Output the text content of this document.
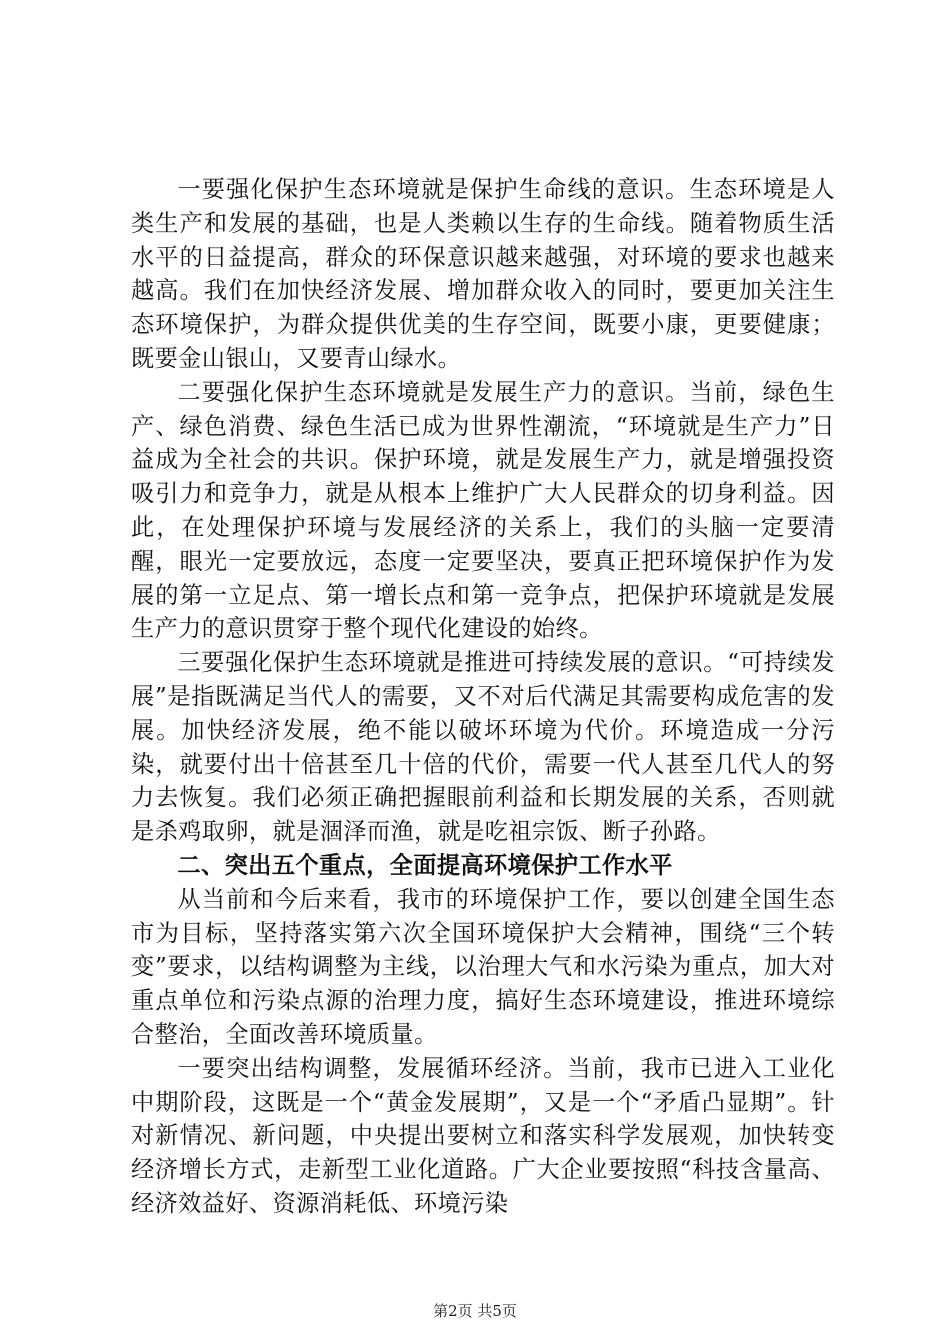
一要强化保护生态环境就是保护生命线的意识。生态环境是人类生产和发展的基础，也是人类赖以生存的生命线。随着物质生活水平的日益提高，群众的环保意识越来越强，对环境的要求也越来越高。我们在加快经济发展、增加群众收入的同时，要更加关注生态环境保护，为群众提供优美的生存空间，既要小康，更要健康；既要金山银山，又要青山绿水。

二要强化保护生态环境就是发展生产力的意识。当前，绿色生产、绿色消费、绿色生活已成为世界性潮流，“环境就是生产力”日益成为全社会的共识。保护环境，就是发展生产力，就是增强投资吸引力和竞争力，就是从根本上维护广大人民群众的切身利益。因此，在处理保护环境与发展经济的关系上，我们的头脑一定要清醒，眼光一定要放远，态度一定要坚决，要真正把环境保护作为发展的第一立足点、第一增长点和第一竞争点，把保护环境就是发展生产力的意识贯穿于整个现代化建设的始终。

三要强化保护生态环境就是推进可持续发展的意识。“可持续发展”是指既满足当代人的需要，又不对后代满足其需要构成危害的发展。加快经济发展，绝不能以破坏环境为代价。环境造成一分污染，就要付出十倍甚至几十倍的代价，需要一代人甚至几代人的努力去恢复。我们必须正确把握眼前利益和长期发展的关系，否则就是杀鸡取卵，就是涸泽而渔，就是吃祖宗饭、断子孙路。

二、突出五个重点，全面提高环境保护工作水平

从当前和今后来看，我市的环境保护工作，要以创建全国生态市为目标，坚持落实第六次全国环境保护大会精神，围绕“三个转变”要求，以结构调整为主线，以治理大气和水污染为重点，加大对重点单位和污染点源的治理力度，搞好生态环境建设，推进环境综合整治，全面改善环境质量。

一要突出结构调整，发展循环经济。当前，我市已进入工业化中期阶段，这既是一个“黄金发展期”，又是一个“矛盾凸显期”。针对新情况、新问题，中央提出要树立和落实科学发展观，加快转变经济增长方式，走新型工业化道路。广大企业要按照“科技含量高、经济效益好、资源消耗低、环境污染

第2页 共5页
